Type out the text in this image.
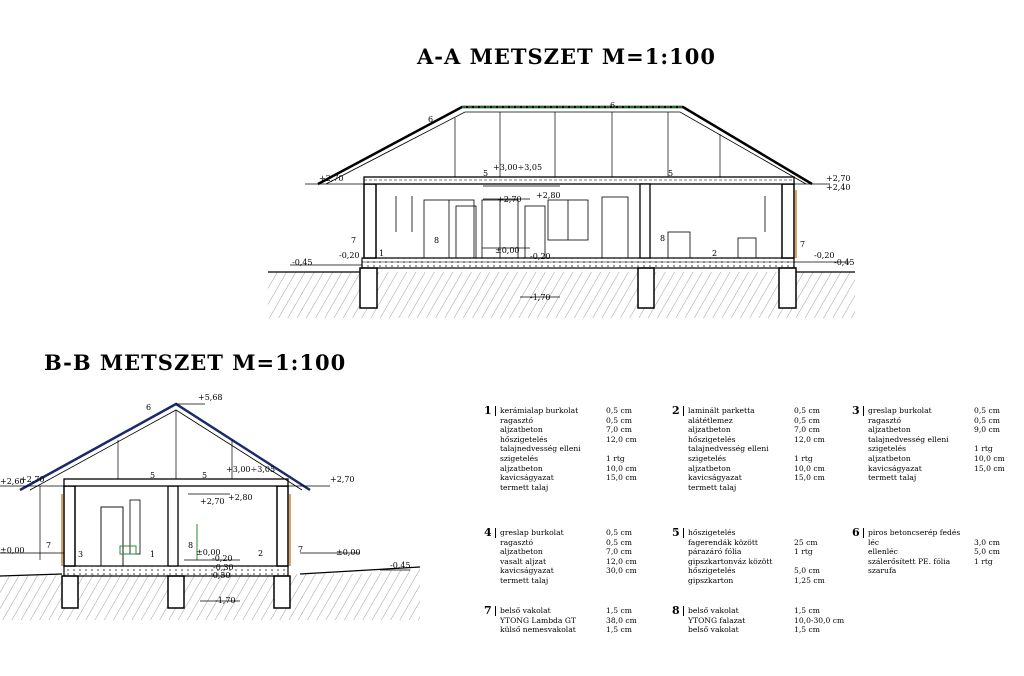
A-A METSZET M=1:100
B-B METSZET M=1:100
+2,70	+2,70
+2,40
+3,00÷3,05
+2,80
+2,70
±0,00
-0,20	-0,20	-0,20
-0,45	-0,45
-1,70
6
6
5	5
7	7
8	8
1	2
+5,68
+2,60
+2,70	+2,70
+3,00÷3,05
+2,70 +2,80
±0,00	±0,00	±0,00
-0,20
-0,30
-0,50
-0,45
-1,70
6
5	5
7	7
3
8
1	2
1	kerámialap burkolat	0,5 cm
ragasztó	0,5 cm
aljzatbeton	7,0 cm
hőszigetelés	12,0 cm
talajnedvesség elleni
szigetelés	1 rtg
aljzatbeton	10,0 cm
kavicságyazat	15,0 cm
termett talaj
2	laminált parketta	0,5 cm
alátétlemez	0,5 cm
aljzatbeton	7,0 cm
hőszigetelés	12,0 cm
talajnedvesség elleni
szigetelés	1 rtg
aljzatbeton	10,0 cm
kavicságyazat	15,0 cm
termett talaj
3	greslap burkolat	0,5 cm
ragasztó	0,5 cm
aljzatbeton	9,0 cm
talajnedvesség elleni
szigetelés	1 rtg
aljzatbeton	10,0 cm
kavicságyazat	15,0 cm
termett talaj
4	greslap burkolat	0,5 cm
ragasztó	0,5 cm
aljzatbeton	7,0 cm
vasalt aljzat	12,0 cm
kavicságyazat	30,0 cm
termett talaj
5	hőszigetelés
fagerendák között	25 cm
párazáró fólia	1 rtg
gipszkartonváz között
hőszigetelés	5,0 cm
gipszkarton	1,25 cm
6	piros betoncserép fedés
léc	3,0 cm
ellenléc	5,0 cm
szálerősített PE. fólia	1 rtg
szarufa
7	belső vakolat	1,5 cm
YTONG Lambda GT	38,0 cm
külső nemesvakolat	1,5 cm
8	belső vakolat	1,5 cm
YTONG falazat	10,0-30,0 cm
belső vakolat	1,5 cm
